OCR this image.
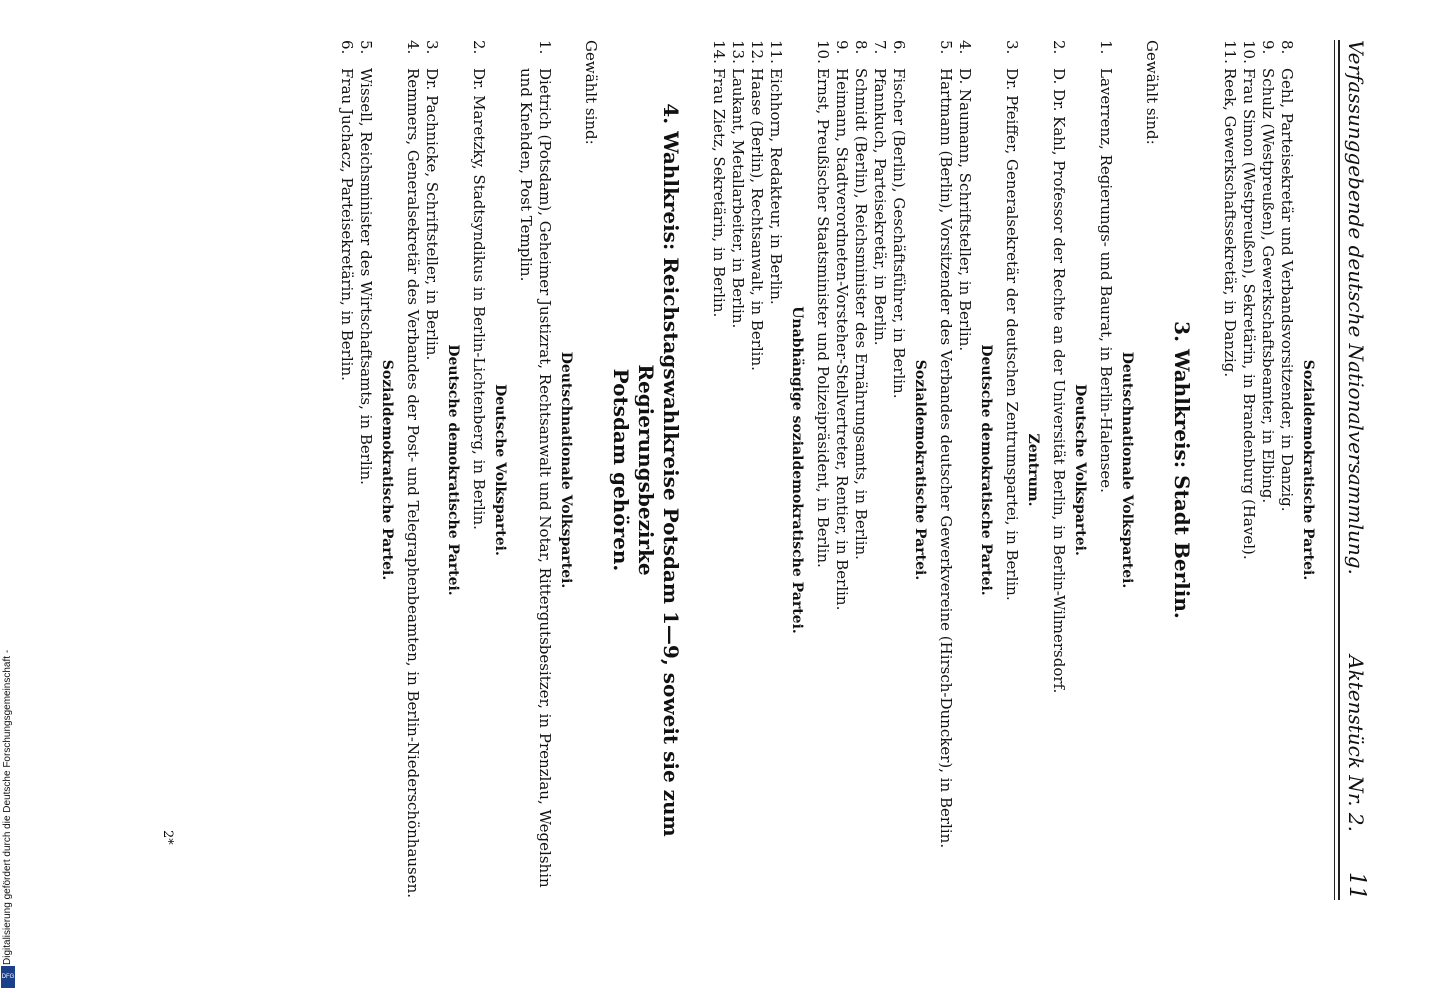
Verfassunggebende deutsche Nationalversammlung.
Aktenstück Nr. 2.
11
Sozialdemokratische Partei.
8.
Gehl, Parteisekretär und Verbandsvorsitzender, in Danzig.
9.
Schulz (Westpreußen), Gewerkschaftsbeamter, in Elbing.
10.
Frau Simon (Westpreußen), Sekretärin, in Brandenburg (Havel).
11.
Reek, Gewerkschaftssekretär, in Danzig.
3. Wahlkreis: Stadt Berlin.
Gewählt sind:
Deutschnationale Volkspartei.
1.
Laverrenz, Regierungs- und Baurat, in Berlin-Halensee.
Deutsche Volkspartei.
2.
D. Dr. Kahl, Professor der Rechte an der Universität Berlin, in Berlin-Wilmersdorf.
Zentrum.
3.
Dr. Pfeiffer, Generalsekretär der deutschen Zentrumspartei, in Berlin.
Deutsche demokratische Partei.
4.
D. Naumann, Schriftsteller, in Berlin.
5.
Hartmann (Berlin), Vorsitzender des Verbandes deutscher Gewerkvereine (Hirsch-Duncker), in Berlin.
Sozialdemokratische Partei.
6.
Fischer (Berlin), Geschäftsführer, in Berlin.
7.
Pfannkuch, Parteisekretär, in Berlin.
8.
Schmidt (Berlin), Reichsminister des Ernährungsamts, in Berlin.
9.
Heimann, Stadtverordneten-Vorsteher-Stellvertreter, Rentier, in Berlin.
10.
Ernst, Preußischer Staatsminister und Polizeipräsident, in Berlin.
Unabhängige sozialdemokratische Partei.
11.
Eichhorn, Redakteur, in Berlin.
12.
Haase (Berlin), Rechtsanwalt, in Berlin.
13.
Laukant, Metallarbeiter, in Berlin.
14.
Frau Zietz, Sekretärin, in Berlin.
4. Wahlkreis: Reichstagswahlkreise Potsdam 1—9, soweit sie zum Regierungsbezirke
Potsdam gehören.
Gewählt sind:
Deutschnationale Volkspartei.
1.
Dietrich (Potsdam), Geheimer Justizrat, Rechtsanwalt und Notar, Rittergutsbesitzer, in Prenzlau, Wegelshin und Knehden, Post Templin.
Deutsche Volkspartei.
2.
Dr. Maretzky, Stadtsyndikus in Berlin-Lichtenberg, in Berlin.
Deutsche demokratische Partei.
3.
Dr. Pachnicke, Schriftsteller, in Berlin.
4.
Remmers, Generalsekretär des Verbandes der Post- und Telegraphenbeamten, in Berlin-Niederschönhausen.
Sozialdemokratische Partei.
5.
Wissell, Reichsminister des Wirtschaftsamts, in Berlin.
6.
Frau Juchacz, Parteisekretärin, in Berlin.
2*
Digitalisierung gefördert durch die Deutsche Forschungsgemeinschaft -
DFG
